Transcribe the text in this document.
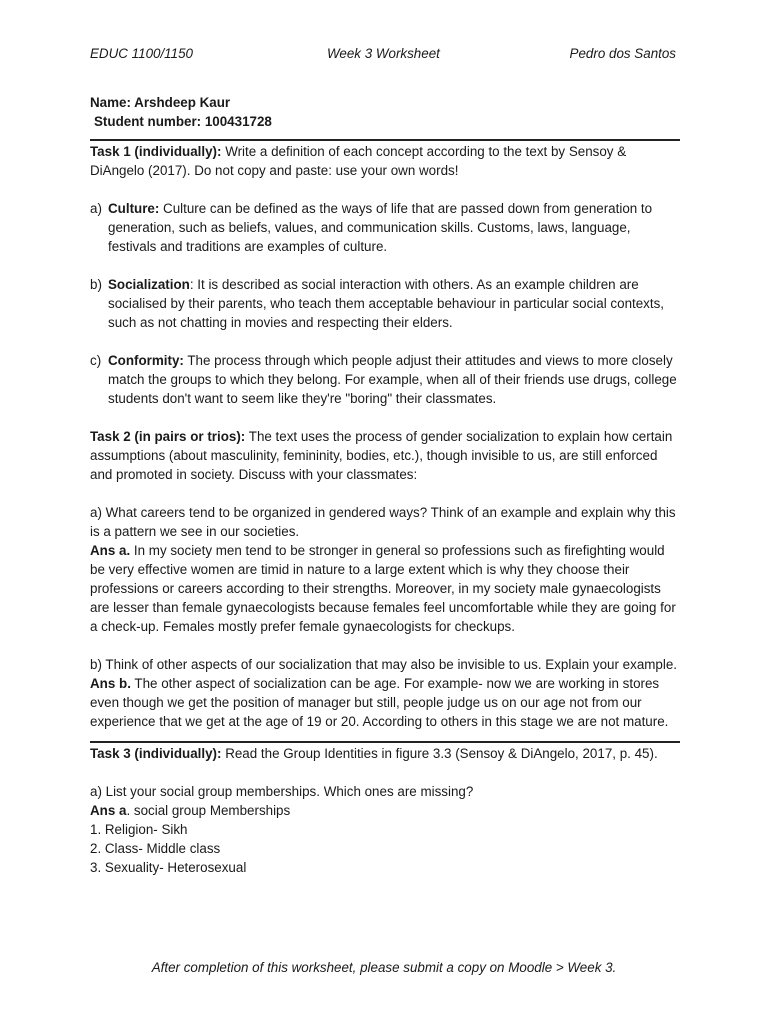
EDUC 1100/1150	Week 3 Worksheet	Pedro dos Santos

Name: Arshdeep Kaur

Student number: 100431728

Task 1 (individually): Write a definition of each concept according to the text by Sensoy & DiAngelo (2017). Do not copy and paste: use your own words!

a) Culture: Culture can be defined as the ways of life that are passed down from generation to generation, such as beliefs, values, and communication skills. Customs, laws, language, festivals and traditions are examples of culture.
b) Socialization: It is described as social interaction with others. As an example children are socialised by their parents, who teach them acceptable behaviour in particular social contexts, such as not chatting in movies and respecting their elders.
c) Conformity: The process through which people adjust their attitudes and views to more closely match the groups to which they belong. For example, when all of their friends use drugs, college students don't want to seem like they're "boring" their classmates.

Task 2 (in pairs or trios): The text uses the process of gender socialization to explain how certain assumptions (about masculinity, femininity, bodies, etc.), though invisible to us, are still enforced and promoted in society. Discuss with your classmates:

a) What careers tend to be organized in gendered ways? Think of an example and explain why this is a pattern we see in our societies.

Ans a. In my society men tend to be stronger in general so professions such as firefighting would be very effective women are timid in nature to a large extent which is why they choose their professions or careers according to their strengths. Moreover, in my society male gynaecologists are lesser than female gynaecologists because females feel uncomfortable while they are going for a check-up. Females mostly prefer female gynaecologists for checkups.

b) Think of other aspects of our socialization that may also be invisible to us. Explain your example.

Ans b. The other aspect of socialization can be age. For example- now we are working in stores even though we get the position of manager but still, people judge us on our age not from our experience that we get at the age of 19 or 20. According to others in this stage we are not mature.

Task 3 (individually): Read the Group Identities in figure 3.3 (Sensoy & DiAngelo, 2017, p. 45).

a) List your social group memberships. Which ones are missing?

Ans a. social group Memberships

1. Religion- Sikh

2. Class- Middle class

3. Sexuality- Heterosexual

After completion of this worksheet, please submit a copy on Moodle > Week 3.
